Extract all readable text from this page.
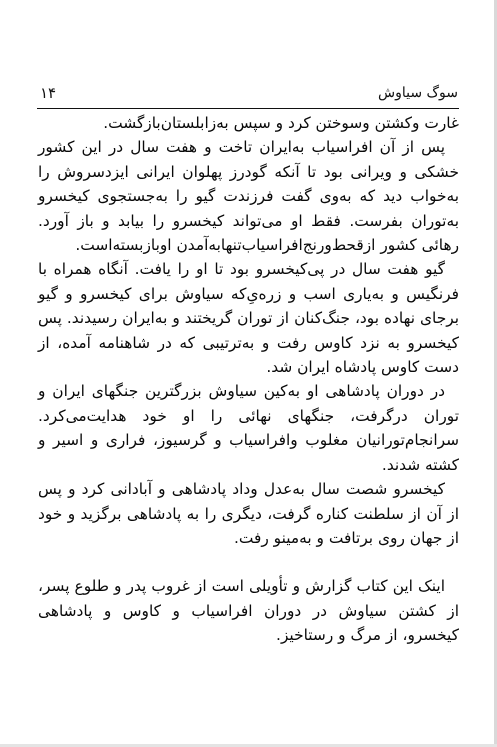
۱۴	سوگ سیاوش

غارت وکشتن وسوختن کرد و سپس به‌زابلستان‌بازگشت.

پس از آن افراسیاب به‌ایران تاخت و هفت سال در این کشور خشکی و ویرانی بود تا آنکه گودرز پهلوان ایرانی ایزدسروش را به‌خواب دید که به‌وی گفت فرزندت گیو را به‌جستجوی کیخسرو به‌توران بفرست. فقط او می‌تواند کیخسرو را بیابد و باز آورد. رهائی کشور ازقحط‌ورنج‌افراسیاب‌تنهابه‌آمدن او‌بازبسته‌است.

گیو هفت سال در پی‌کیخسرو بود تا او را یافت. آنگاه همراه با فرنگیس و به‌یاری اسب و زره‌یِ‌که سیاوش برای کیخسرو و گیو برجای نهاده بود، جنگ‌کنان از توران گریختند و به‌ایران رسیدند. پس کیخسرو به نزد کاوس رفت و به‌ترتیبی که در شاهنامه آمده، از دست کاوس پادشاه ایران شد.

در دوران پادشاهی او به‌کین سیاوش بزرگترین جنگهای ایران و توران درگرفت، جنگهای نهائی را او خود هدایت‌می‌کرد. سرانجام‌تورانیان مغلوب وافراسیاب و گرسیوز، فراری و اسیر و کشته شدند.

کیخسرو شصت سال به‌عدل وداد پادشاهی و آبادانی کرد و پس از آن از سلطنت کناره گرفت، دیگری را به پادشاهی برگزید و خود از جهان روی برتافت و به‌مینو رفت.

اینک این کتاب گزارش و تأویلی است از غروب پدر و طلوع پسر، از کشتن سیاوش در دوران افراسیاب و کاوس و پادشاهی کیخسرو، از مرگ و رستاخیز.
